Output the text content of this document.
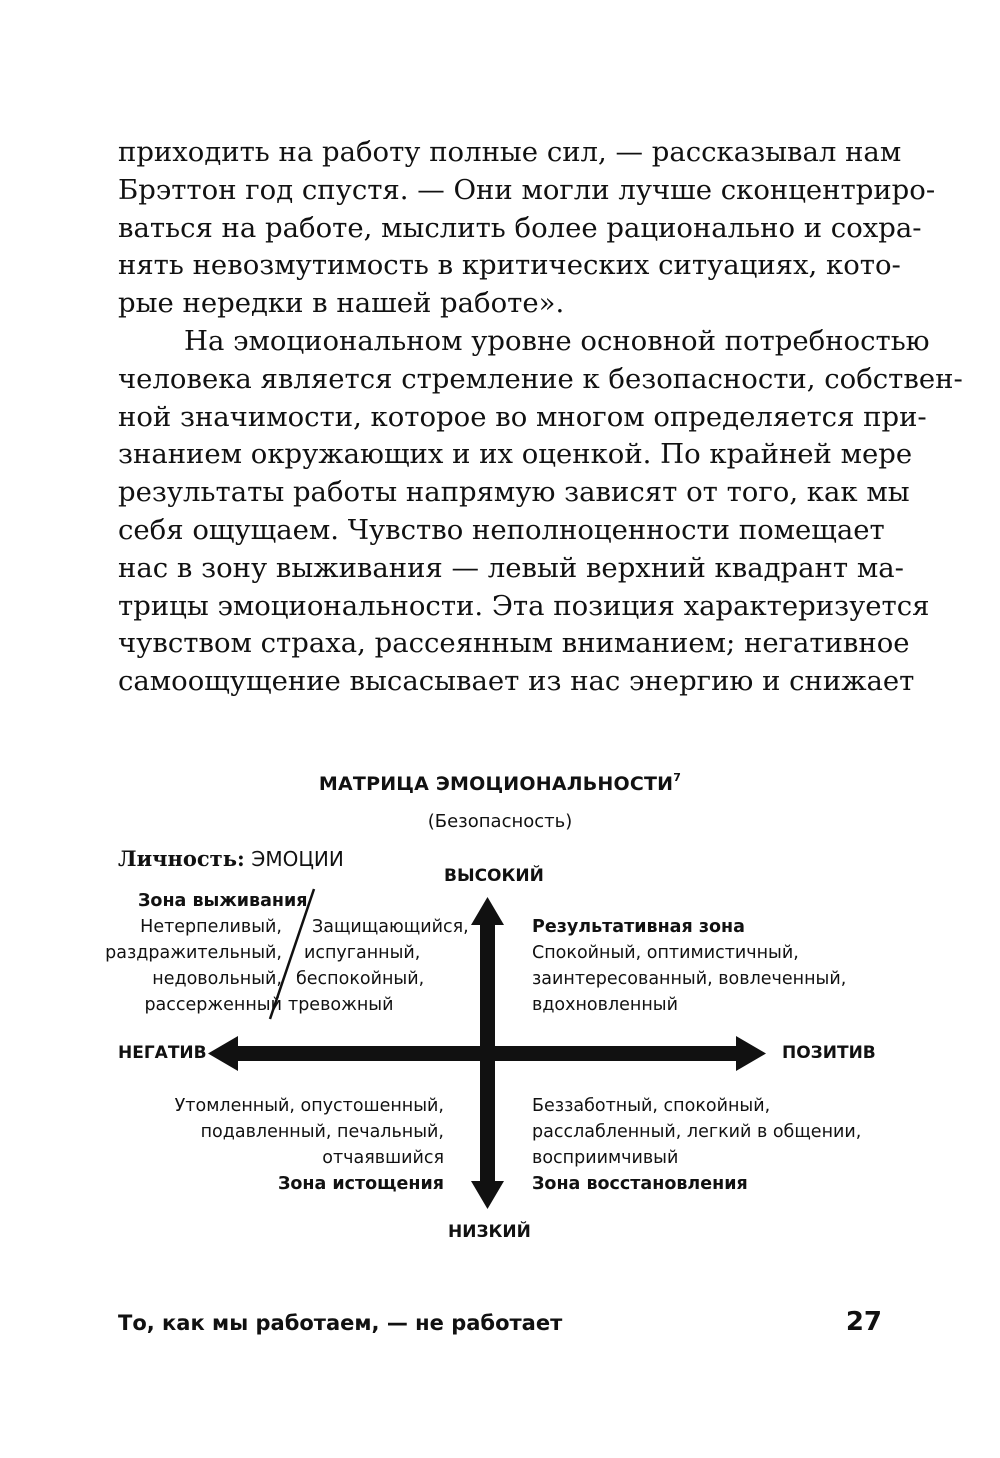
приходить на работу полные сил, — рассказывал нам
Брэттон год спустя. — Они могли лучше сконцентриро-
ваться на работе, мыслить более рационально и сохра-
нять невозмутимость в критических ситуациях, кото-
рые нередки в нашей работе».
На эмоциональном уровне основной потребностью
человека является стремление к безопасности, собствен-
ной значимости, которое во многом определяется при-
знанием окружающих и их оценкой. По крайней мере
результаты работы напрямую зависят от того, как мы
себя ощущаем. Чувство неполноценности помещает
нас в зону выживания — левый верхний квадрант ма-
трицы эмоциональности. Эта позиция характеризуется
чувством страха, рассеянным вниманием; негативное
самоощущение высасывает из нас энергию и снижает
МАТРИЦА ЭМОЦИОНАЛЬНОСТИ$^7$
(Безопасность)
Личность: ЭМОЦИИ
ВЫСОКИЙ
НИЗКИЙ
НЕГАТИВ	ПОЗИТИВ
Зона выживания
Нетерпеливый,
раздражительный,
недовольный,
рассерженный
Защищающийся,
испуганный,
беспокойный,
тревожный
Результативная зона
Спокойный, оптимистичный,
заинтересованный, вовлеченный,
вдохновленный
Утомленный, опустошенный,
подавленный, печальный,
отчаявшийся
Зона истощения
Беззаботный, спокойный,
расслабленный, легкий в общении,
восприимчивый
Зона восстановления
То, как мы работаем, — не работает	27
